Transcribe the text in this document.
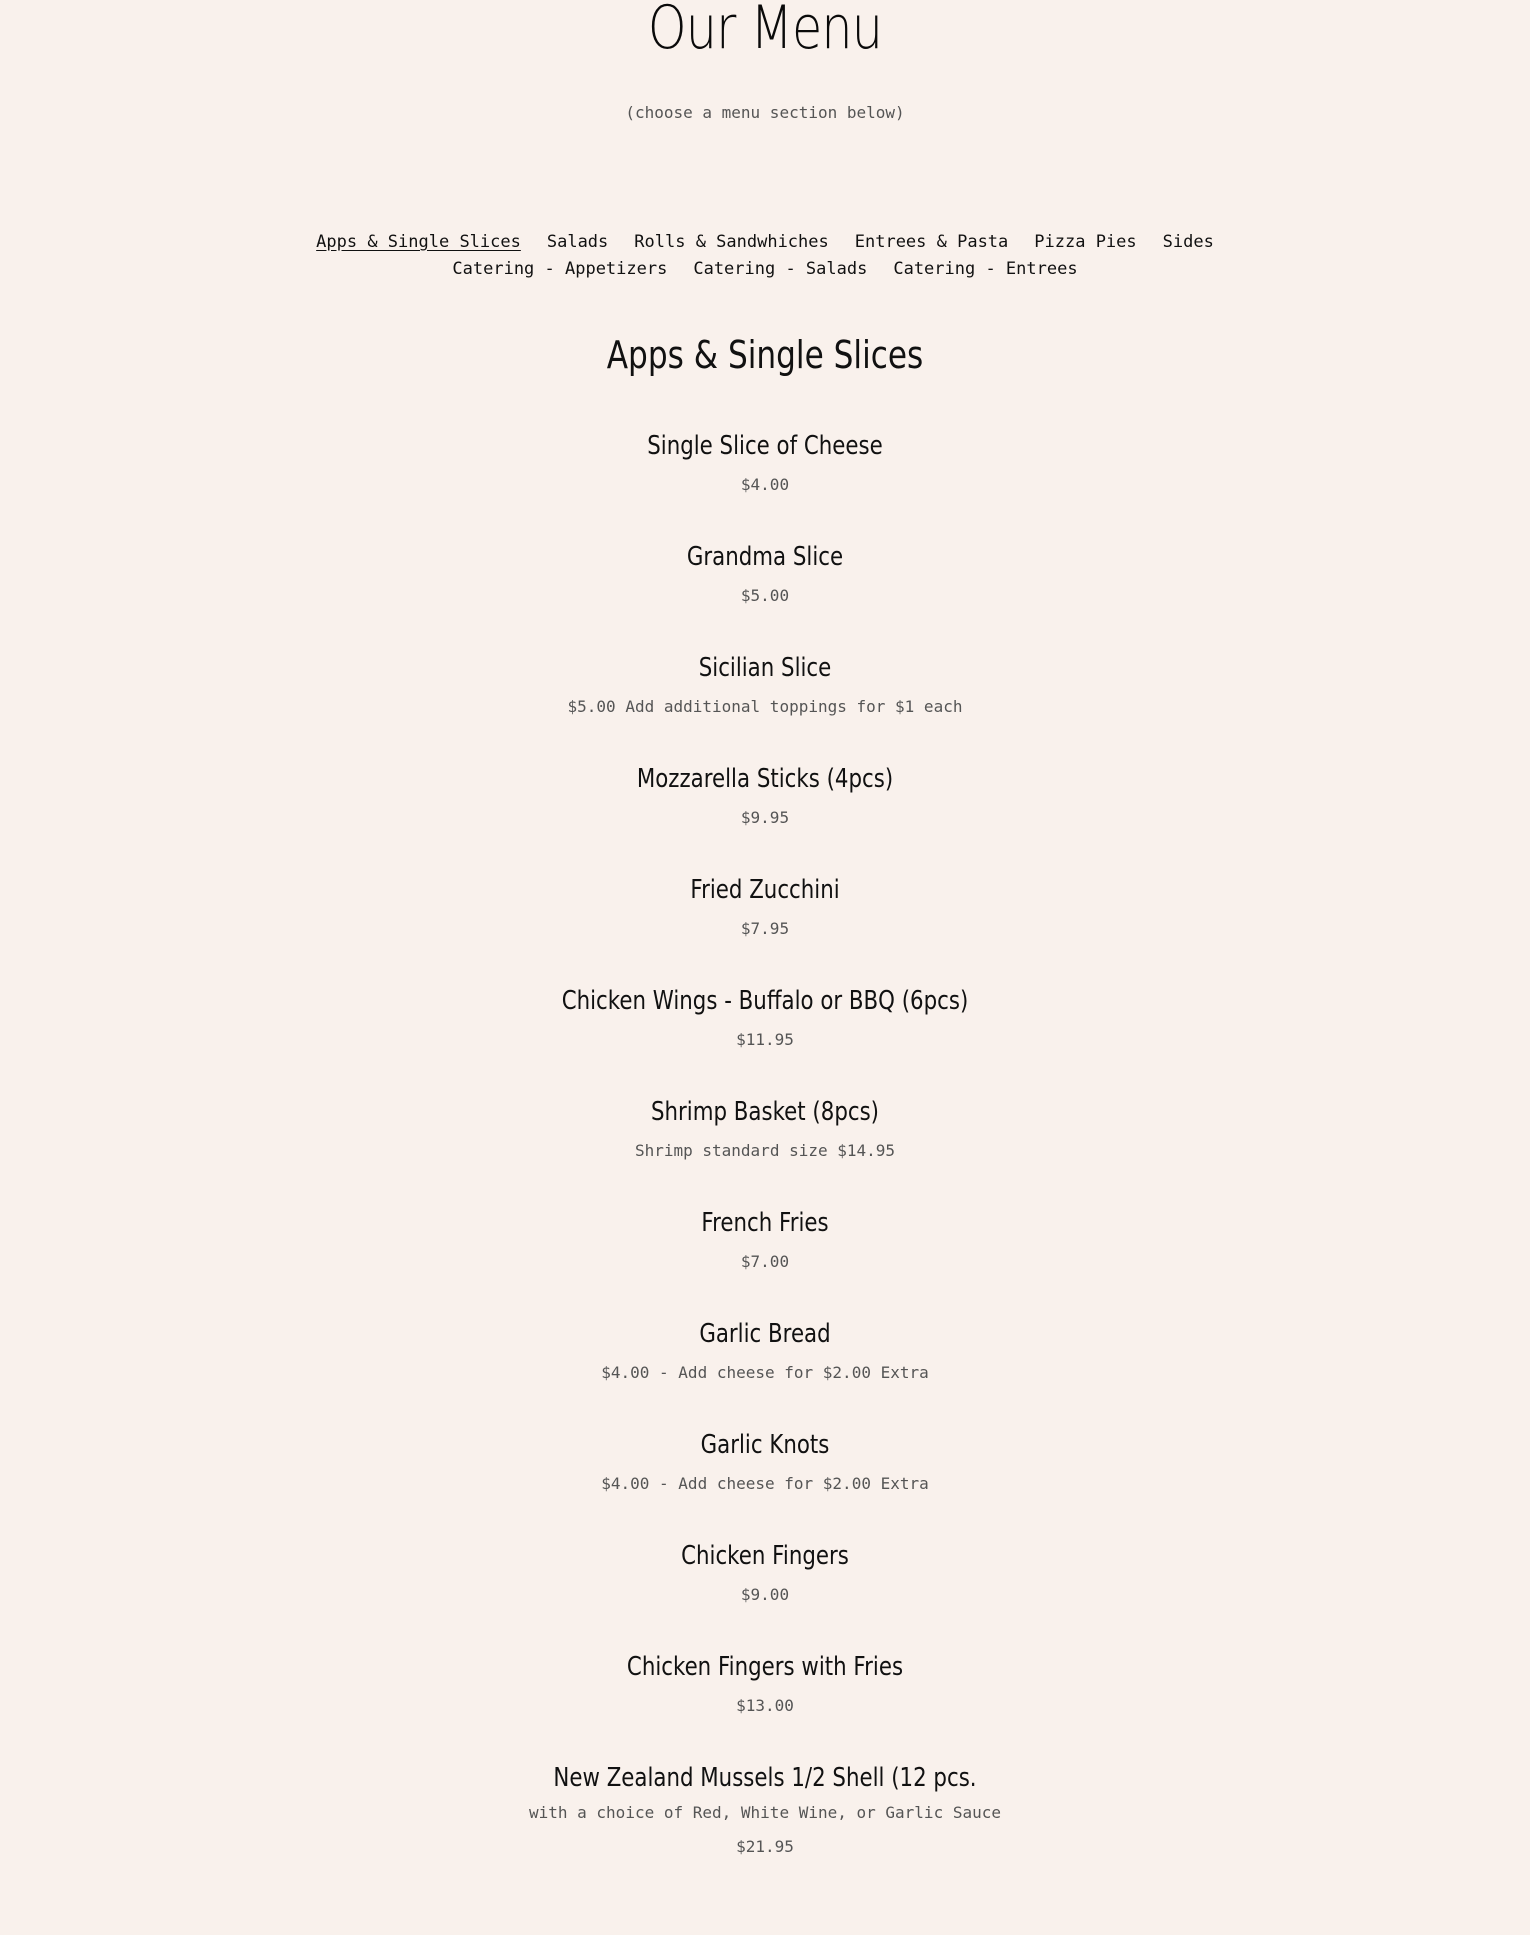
Our Menu
(choose a menu section below)
Apps & Single Slices Salads Rolls & Sandwhiches Entrees & Pasta Pizza Pies Sides
Catering - Appetizers Catering - Salads Catering - Entrees
Apps & Single Slices
Single Slice of Cheese
$4.00
Grandma Slice
$5.00
Sicilian Slice
$5.00 Add additional toppings for $1 each
Mozzarella Sticks (4pcs)
$9.95
Fried Zucchini
$7.95
Chicken Wings - Buffalo or BBQ (6pcs)
$11.95
Shrimp Basket (8pcs)
Shrimp standard size $14.95
French Fries
$7.00
Garlic Bread
$4.00 - Add cheese for $2.00 Extra
Garlic Knots
$4.00 - Add cheese for $2.00 Extra
Chicken Fingers
$9.00
Chicken Fingers with Fries
$13.00
New Zealand Mussels 1/2 Shell (12 pcs.
with a choice of Red, White Wine, or Garlic Sauce
$21.95
